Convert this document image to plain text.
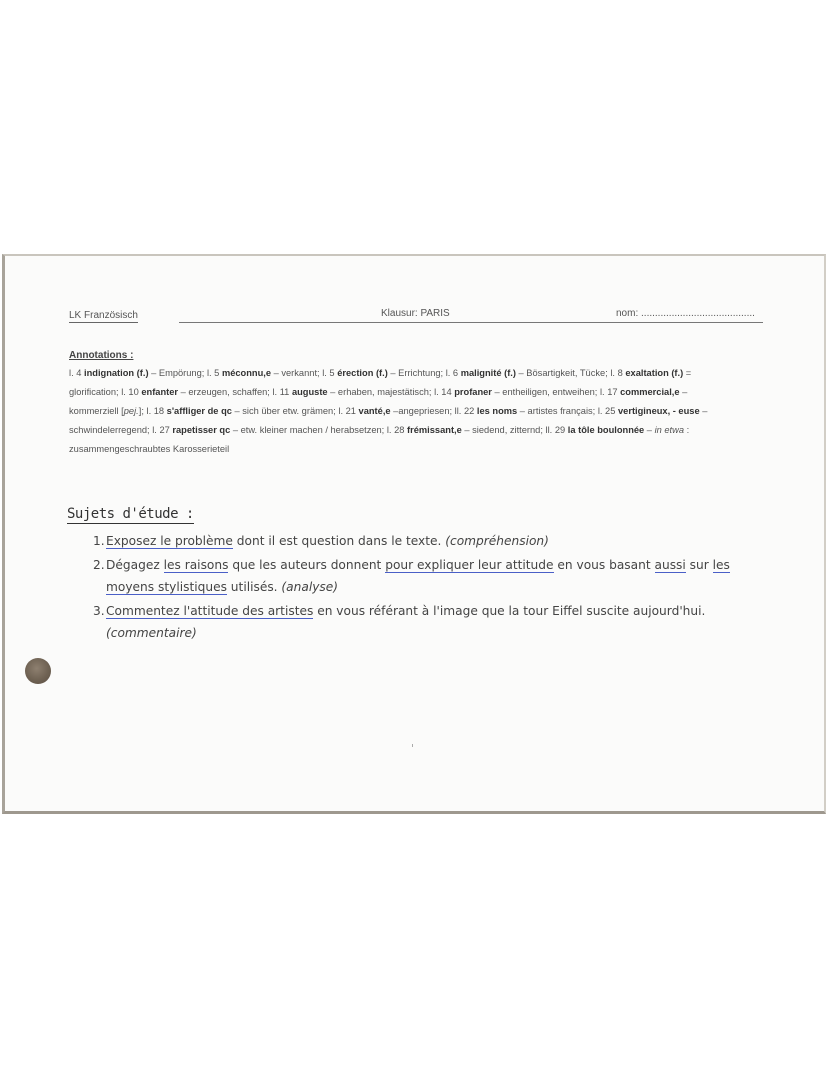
LK Französisch	Klausur: PARIS	nom: .........................................
Annotations :

l. 4 indignation (f.) – Empörung; l. 5 méconnu,e – verkannt; l. 5 érection (f.) – Errichtung; l. 6 malignité (f.) – Bösartigkeit, Tücke; l. 8 exaltation (f.) = glorification; l. 10 enfanter – erzeugen, schaffen; l. 11 auguste – erhaben, majestätisch; l. 14 profaner – entheiligen, entweihen; l. 17 commercial,e – kommerziell [pej.]; l. 18 s'affliger de qc – sich über etw. grämen; l. 21 vanté,e –angepriesen; ll. 22 les noms – artistes français; l. 25 vertigineux, - euse – schwindelerregend; l. 27 rapetisser qc – etw. kleiner machen / herabsetzen; l. 28 frémissant,e – siedend, zitternd; ll. 29 la tôle boulonnée – in etwa : zusammengeschraubtes Karosserieteil

Sujets d'étude :
1. Exposez le problème dont il est question dans le texte. (compréhension)
2. Dégagez les raisons que les auteurs donnent pour expliquer leur attitude en vous basant aussi sur les moyens stylistiques utilisés. (analyse)
3. Commentez l'attitude des artistes en vous référant à l'image que la tour Eiffel suscite aujourd'hui. (commentaire)
